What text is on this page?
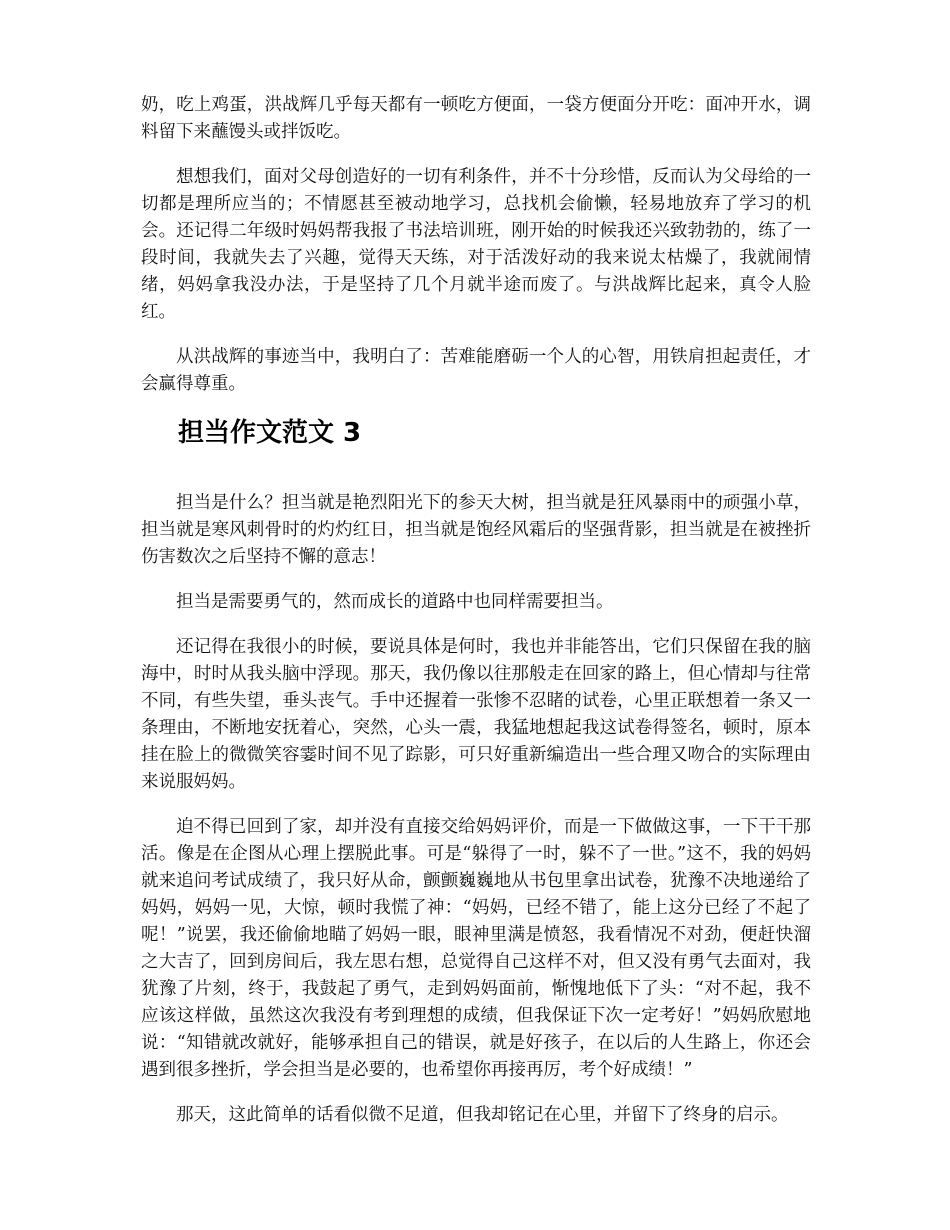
奶，吃上鸡蛋，洪战辉几乎每天都有一顿吃方便面，一袋方便面分开吃：面冲开水，调料留下来蘸馒头或拌饭吃。

想想我们，面对父母创造好的一切有利条件，并不十分珍惜，反而认为父母给的一切都是理所应当的；不情愿甚至被动地学习，总找机会偷懒，轻易地放弃了学习的机会。还记得二年级时妈妈帮我报了书法培训班，刚开始的时候我还兴致勃勃的，练了一段时间，我就失去了兴趣，觉得天天练，对于活泼好动的我来说太枯燥了，我就闹情绪，妈妈拿我没办法，于是坚持了几个月就半途而废了。与洪战辉比起来，真令人脸红。

从洪战辉的事迹当中，我明白了：苦难能磨砺一个人的心智，用铁肩担起责任，才会赢得尊重。

担当作文范文 3

担当是什么？担当就是艳烈阳光下的参天大树，担当就是狂风暴雨中的顽强小草，担当就是寒风刺骨时的灼灼红日，担当就是饱经风霜后的坚强背影，担当就是在被挫折伤害数次之后坚持不懈的意志！

担当是需要勇气的，然而成长的道路中也同样需要担当。

还记得在我很小的时候，要说具体是何时，我也并非能答出，它们只保留在我的脑海中，时时从我头脑中浮现。那天，我仍像以往那般走在回家的路上，但心情却与往常不同，有些失望，垂头丧气。手中还握着一张惨不忍睹的试卷，心里正联想着一条又一条理由，不断地安抚着心，突然，心头一震，我猛地想起我这试卷得签名，顿时，原本挂在脸上的微微笑容霎时间不见了踪影，可只好重新编造出一些合理又吻合的实际理由来说服妈妈。

迫不得已回到了家，却并没有直接交给妈妈评价，而是一下做做这事，一下干干那活。像是在企图从心理上摆脱此事。可是“躲得了一时，躲不了一世。”这不，我的妈妈就来追问考试成绩了，我只好从命，颤颤巍巍地从书包里拿出试卷，犹豫不决地递给了妈妈，妈妈一见，大惊，顿时我慌了神：“妈妈，已经不错了，能上这分已经了不起了呢！”说罢，我还偷偷地瞄了妈妈一眼，眼神里满是愤怒，我看情况不对劲，便赶快溜之大吉了，回到房间后，我左思右想，总觉得自己这样不对，但又没有勇气去面对，我犹豫了片刻，终于，我鼓起了勇气，走到妈妈面前，惭愧地低下了头：“对不起，我不应该这样做，虽然这次我没有考到理想的成绩，但我保证下次一定考好！”妈妈欣慰地说：“知错就改就好，能够承担自己的错误，就是好孩子，在以后的人生路上，你还会遇到很多挫折，学会担当是必要的，也希望你再接再厉，考个好成绩！”

那天，这此简单的话看似微不足道，但我却铭记在心里，并留下了终身的启示。
